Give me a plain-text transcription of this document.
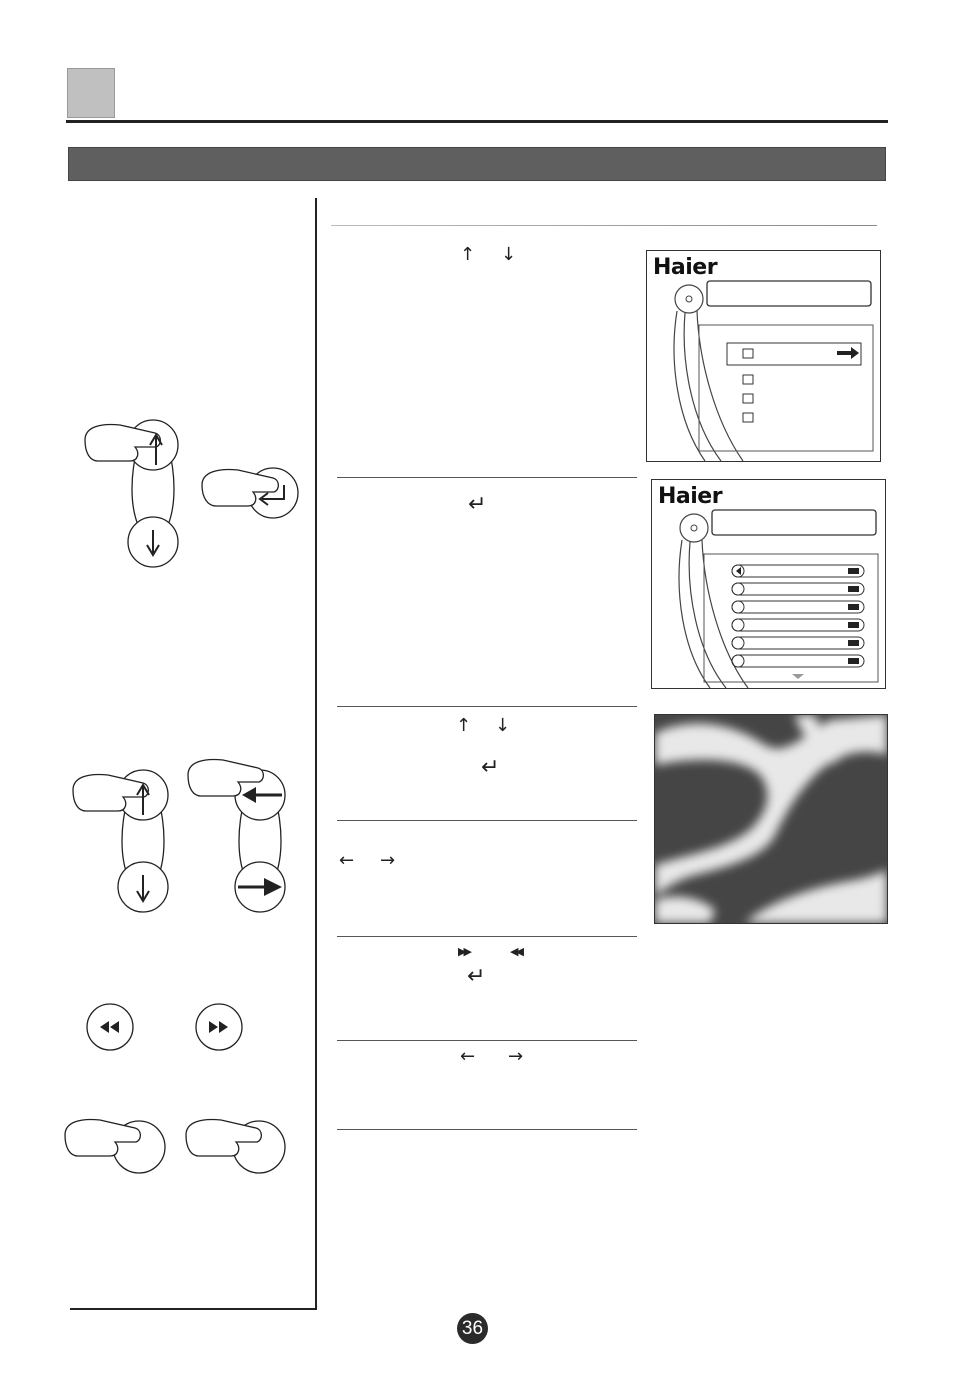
↑ ↓
↵
↑ ↓
↵
← →
▶▶	◀◀
↵
← →
Haier
Haier
36
